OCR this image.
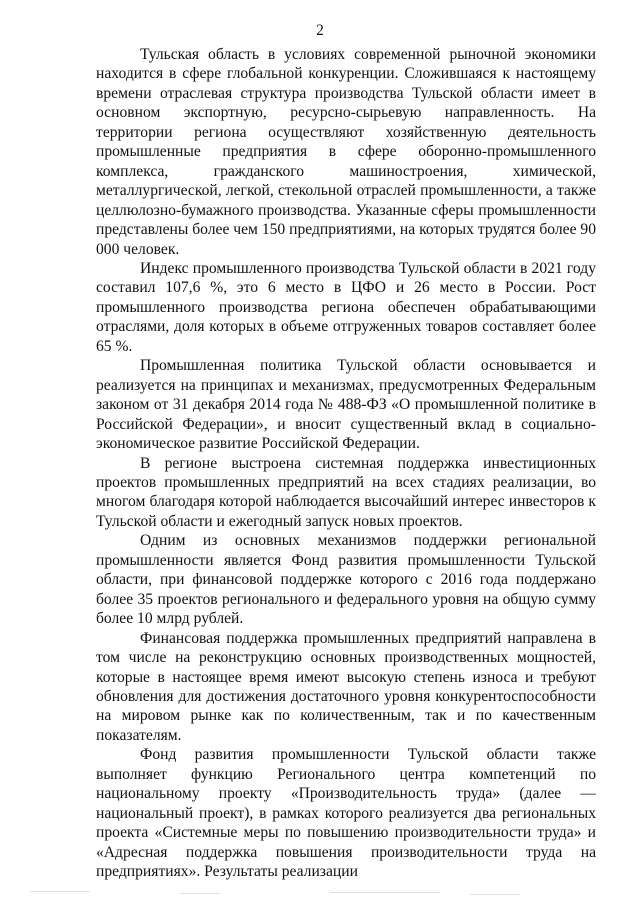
2

Тульская область в условиях современной рыночной экономики находится в сфере глобальной конкуренции. Сложившаяся к настоящему времени отраслевая структура производства Тульской области имеет в основном экспортную, ресурсно-сырьевую направленность. На территории региона осуществляют хозяйственную деятельность промышленные предприятия в сфере оборонно-промышленного комплекса, гражданского машиностроения, химической, металлургической, легкой, стекольной отраслей промышленности, а также целлюлозно-бумажного производства. Указанные сферы промышленности представлены более чем 150 предприятиями, на которых трудятся более 90 000 человек.

Индекс промышленного производства Тульской области в 2021 году составил 107,6 %, это 6 место в ЦФО и 26 место в России. Рост промышленного производства региона обеспечен обрабатывающими отраслями, доля которых в объеме отгруженных товаров составляет более 65 %.

Промышленная политика Тульской области основывается и реализуется на принципах и механизмах, предусмотренных Федеральным законом от 31 декабря 2014 года № 488-ФЗ «О промышленной политике в Российской Федерации», и вносит существенный вклад в социально-экономическое развитие Российской Федерации.

В регионе выстроена системная поддержка инвестиционных проектов промышленных предприятий на всех стадиях реализации, во многом благодаря которой наблюдается высочайший интерес инвесторов к Тульской области и ежегодный запуск новых проектов.

Одним из основных механизмов поддержки региональной промышленности является Фонд развития промышленности Тульской области, при финансовой поддержке которого с 2016 года поддержано более 35 проектов регионального и федерального уровня на общую сумму более 10 млрд рублей.

Финансовая поддержка промышленных предприятий направлена в том числе на реконструкцию основных производственных мощностей, которые в настоящее время имеют высокую степень износа и требуют обновления для достижения достаточного уровня конкурентоспособности на мировом рынке как по количественным, так и по качественным показателям.

Фонд развития промышленности Тульской области также выполняет функцию Регионального центра компетенций по национальному проекту «Производительность труда» (далее — национальный проект), в рамках которого реализуется два региональных проекта «Системные меры по повышению производительности труда» и «Адресная поддержка повышения производительности труда на предприятиях». Результаты реализации
